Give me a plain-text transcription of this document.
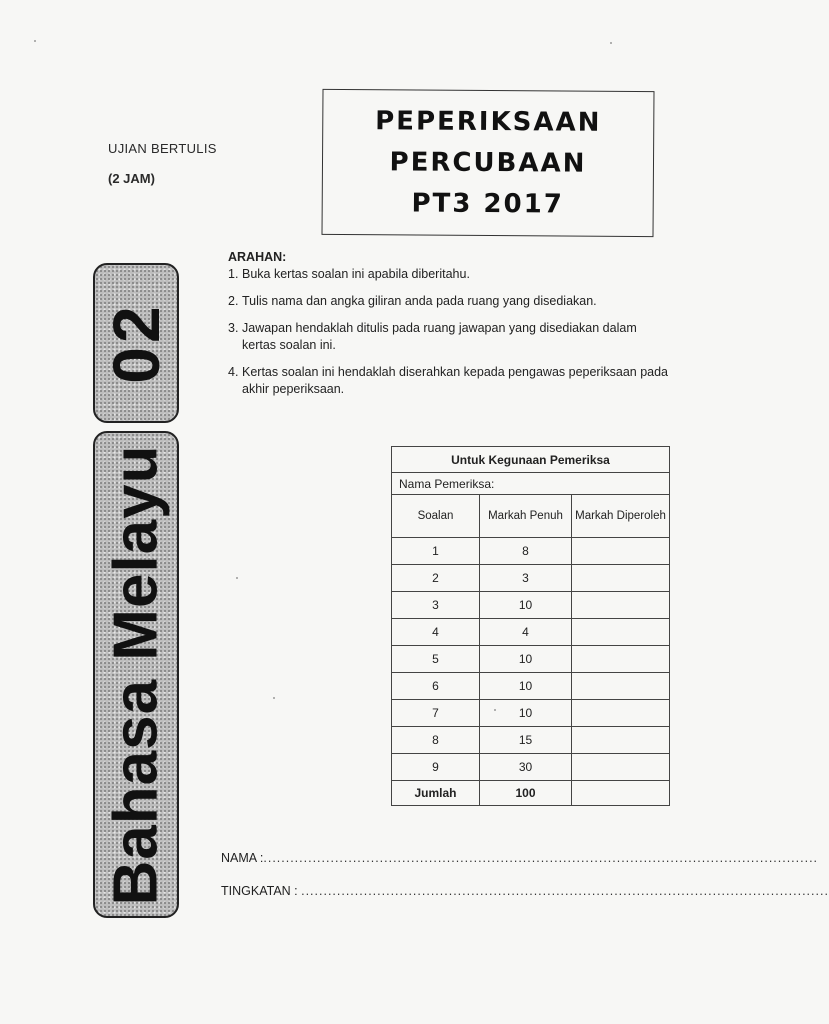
UJIAN BERTULIS
(2 JAM)
PEPERIKSAAN
PERCUBAAN
PT3 2017
02
Bahasa Melayu
ARAHAN:
1. Buka kertas soalan ini apabila diberitahu.
2. Tulis nama dan angka giliran anda pada ruang yang disediakan.
3. Jawapan hendaklah ditulis pada ruang jawapan yang disediakan dalam kertas soalan ini.
4. Kertas soalan ini hendaklah diserahkan kepada pengawas peperiksaan pada akhir peperiksaan.
Untuk Kegunaan Pemeriksa		
Nama Pemeriksa:		
Soalan	Markah Penuh	Markah Diperoleh
1	8	
2	3	
3	10	
4	4	
5	10	
6	10	
7	10	
8	15	
9	30	
Jumlah	100	
NAMA :............................................................................................................................
TINGKATAN : ......................................................................................................................
